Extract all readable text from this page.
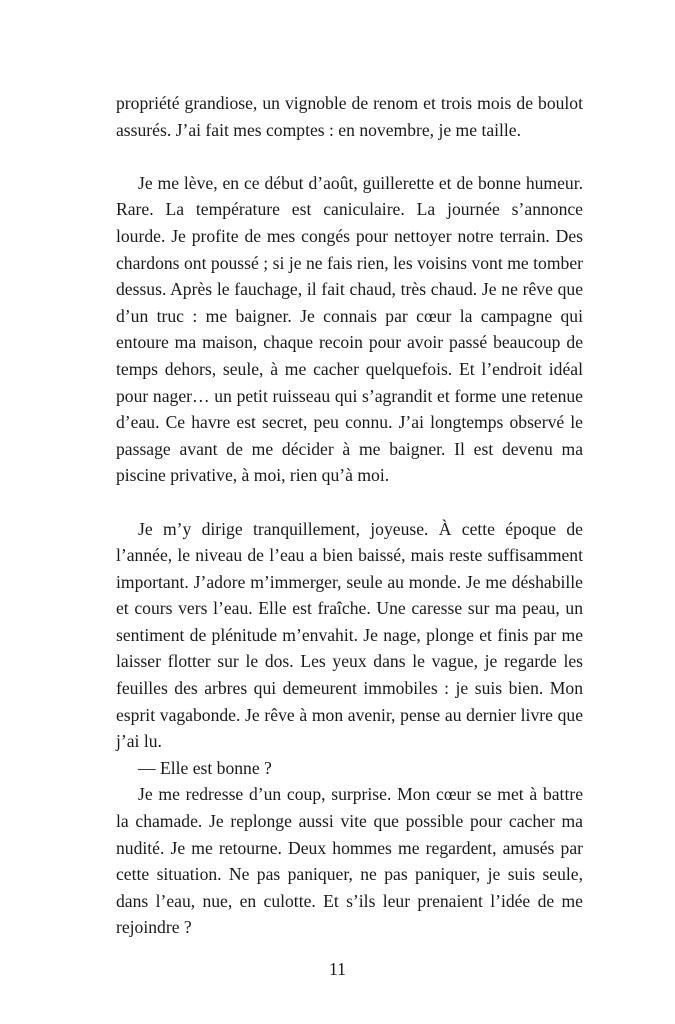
propriété grandiose, un vignoble de renom et trois mois de boulot assurés. J’ai fait mes comptes : en novembre, je me taille.

Je me lève, en ce début d’août, guillerette et de bonne humeur. Rare. La température est caniculaire. La journée s’annonce lourde. Je profite de mes congés pour nettoyer notre terrain. Des chardons ont poussé ; si je ne fais rien, les voisins vont me tomber dessus. Après le fauchage, il fait chaud, très chaud. Je ne rêve que d’un truc : me baigner. Je connais par cœur la campagne qui entoure ma maison, chaque recoin pour avoir passé beaucoup de temps dehors, seule, à me cacher quelquefois. Et l’endroit idéal pour nager… un petit ruisseau qui s’agrandit et forme une retenue d’eau. Ce havre est secret, peu connu. J’ai longtemps observé le passage avant de me décider à me baigner. Il est devenu ma piscine privative, à moi, rien qu’à moi.

Je m’y dirige tranquillement, joyeuse. À cette époque de l’année, le niveau de l’eau a bien baissé, mais reste suffisamment important. J’adore m’immerger, seule au monde. Je me déshabille et cours vers l’eau. Elle est fraîche. Une caresse sur ma peau, un sentiment de plénitude m’envahit. Je nage, plonge et finis par me laisser flotter sur le dos. Les yeux dans le vague, je regarde les feuilles des arbres qui demeurent immobiles : je suis bien. Mon esprit vagabonde. Je rêve à mon avenir, pense au dernier livre que j’ai lu.

— Elle est bonne ?

Je me redresse d’un coup, surprise. Mon cœur se met à battre la chamade. Je replonge aussi vite que possible pour cacher ma nudité. Je me retourne. Deux hommes me regardent, amusés par cette situation. Ne pas paniquer, ne pas paniquer, je suis seule, dans l’eau, nue, en culotte. Et s’ils leur prenaient l’idée de me rejoindre ?

11
